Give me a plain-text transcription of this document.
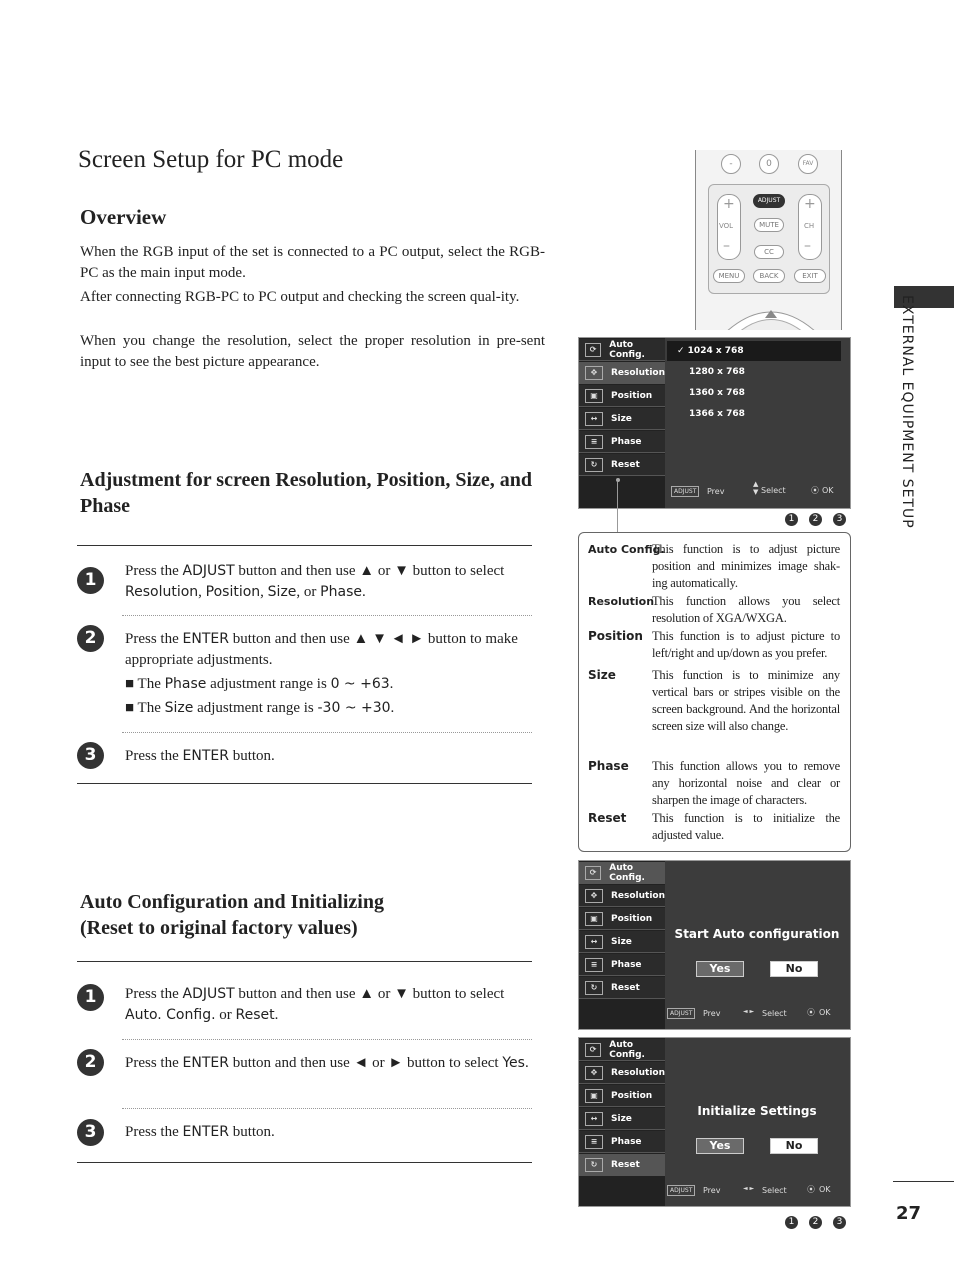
Screen Setup for PC mode
Overview
When the RGB input of the set is connected to a PC output, select the RGB-PC as the main input mode.
After connecting RGB-PC to PC output and checking the screen qual-ity.
When you change the resolution, select the proper resolution in pre-sent input to see the best picture appearance.
Adjustment for screen Resolution, Position, Size, and Phase
1	Press the ADJUST button and then use ▲ or ▼ button to select Resolution, Position, Size, or Phase.
2	Press the ENTER button and then use ▲ ▼ ◄ ► button to make appropriate adjustments.
■ The Phase adjustment range is 0 ~ +63.
■ The Size adjustment range is -30 ~ +30.
3	Press the ENTER button.
Auto Configuration and Initializing
(Reset to original factory values)
1	Press the ADJUST button and then use ▲ or ▼ button to select Auto. Config. or Reset.
2	Press the ENTER button and then use ◄ or ► button to select Yes.
3	Press the ENTER button.
EXTERNAL EQUIPMENT SETUP
27
-	0	FAV
+	+
–	–
VOL	CH
ADJUST
MUTE
CC
MENU	BACK	EXIT
⟳	Auto Config.
✥	Resolution
▣	Position
↔	Size
≡	Phase
↻	Reset
✓ 1024 x 768
1280 x 768
1360 x 768
1366 x 768
ADJUST	Prev
▲
▼ Select	⦿ OK
1	2	3
Auto Config.
This function is to adjust picture position and minimizes image shak-ing automatically.
Resolution
This function allows you select resolution of XGA/WXGA.
Position This function is to adjust picture to left/right and up/down as you prefer.
Size	This function is to minimize any vertical bars or stripes visible on the screen background. And the horizontal screen size will also change.
Phase This function allows you to remove any horizontal noise and clear or sharpen the image of characters.
Reset This function is to initialize the adjusted value.
⟳	Auto Config.
✥	Resolution
▣	Position
↔	Size
≡	Phase
↻	Reset
Start Auto configuration
Yes	No
ADJUST	Prev	◄ ► Select	⦿ OK
⟳	Auto Config.
✥	Resolution
▣	Position
↔	Size
≡	Phase
↻	Reset
Initialize Settings
Yes	No
ADJUST	Prev	◄ ► Select	⦿ OK
1	2	3
